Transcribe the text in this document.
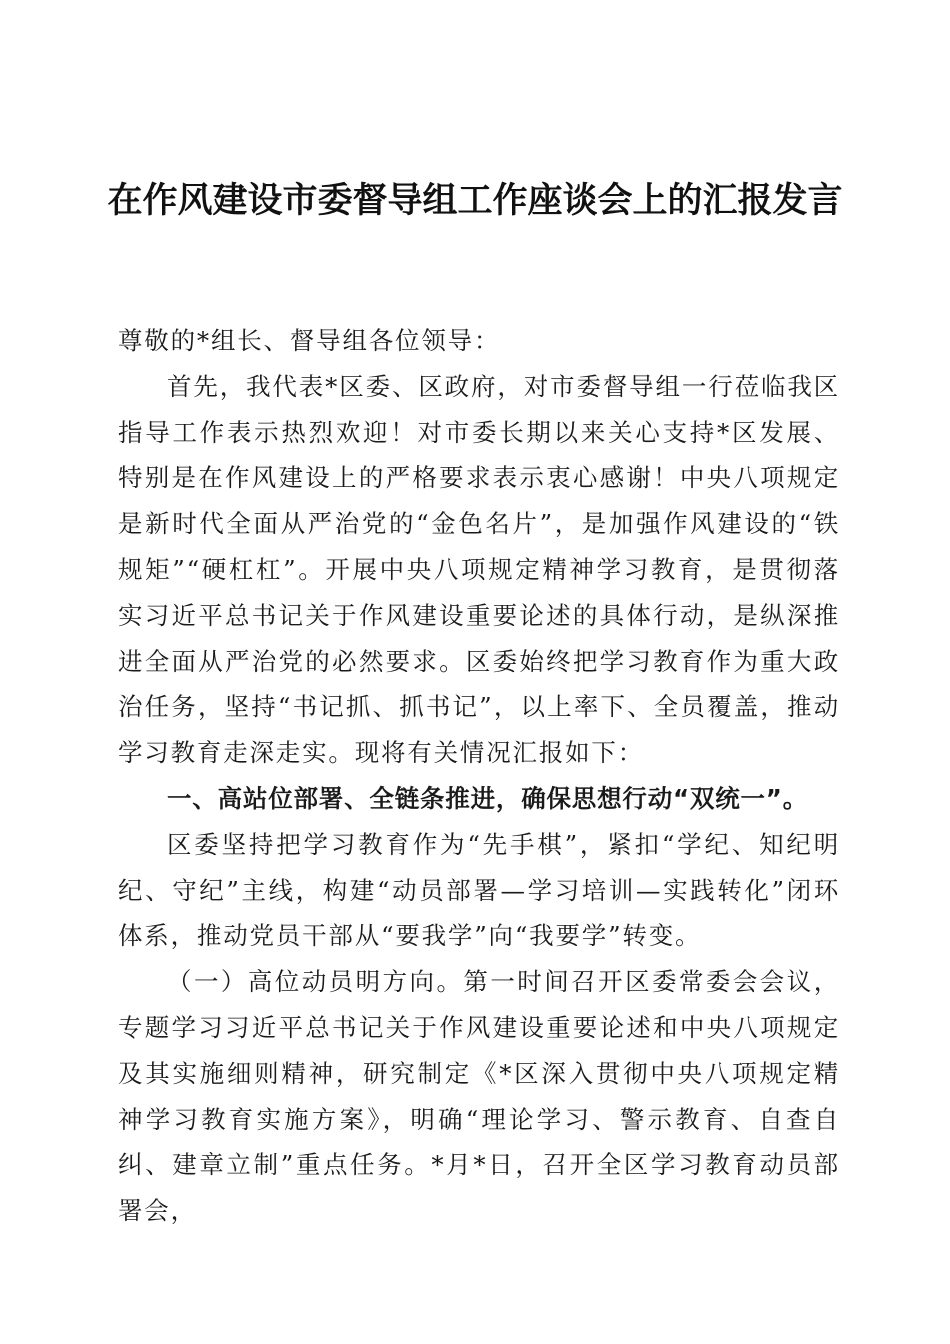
在作风建设市委督导组工作座谈会上的汇报发言

尊敬的*组长、督导组各位领导：

首先，我代表*区委、区政府，对市委督导组一行莅临我区指导工作表示热烈欢迎！对市委长期以来关心支持*区发展、特别是在作风建设上的严格要求表示衷心感谢！中央八项规定是新时代全面从严治党的“金色名片”，是加强作风建设的“铁规矩”“硬杠杠”。开展中央八项规定精神学习教育，是贯彻落实习近平总书记关于作风建设重要论述的具体行动，是纵深推进全面从严治党的必然要求。区委始终把学习教育作为重大政治任务，坚持“书记抓、抓书记”，以上率下、全员覆盖，推动学习教育走深走实。现将有关情况汇报如下：

一、高站位部署、全链条推进，确保思想行动“双统一”。

区委坚持把学习教育作为“先手棋”，紧扣“学纪、知纪明纪、守纪”主线，构建“动员部署—学习培训—实践转化”闭环体系，推动党员干部从“要我学”向“我要学”转变。

（一）高位动员明方向。第一时间召开区委常委会会议，专题学习习近平总书记关于作风建设重要论述和中央八项规定及其实施细则精神，研究制定《*区深入贯彻中央八项规定精神学习教育实施方案》，明确“理论学习、警示教育、自查自纠、建章立制”重点任务。*月*日，召开全区学习教育动员部署会，
